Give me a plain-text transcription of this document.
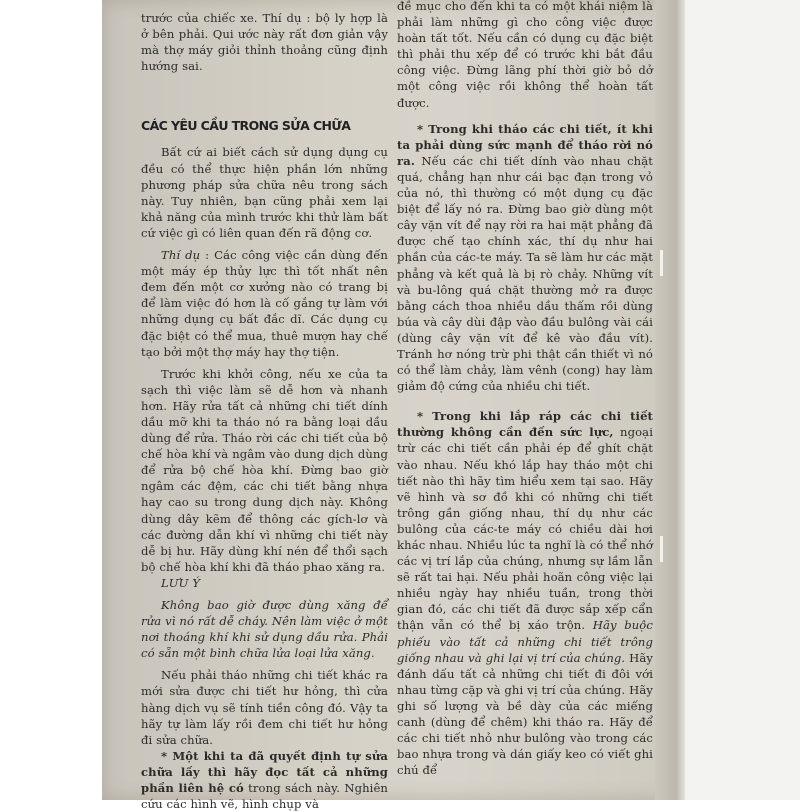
trước của chiếc xe. Thí dụ : bộ ly hợp là ở bên phải. Qui ước này rất đơn giản vậy mà thợ máy giỏi thỉnh thoảng cũng định hướng sai.

CÁC YÊU CẦU TRONG SỬA CHỮA

Bất cứ ai biết cách sử dụng dụng cụ đều có thể thực hiện phần lớn những phương pháp sửa chữa nêu trong sách này. Tuy nhiên, bạn cũng phải xem lại khả năng của mình trước khi thử làm bất cứ việc gì có liên quan đến rã động cơ.

Thí dụ : Các công việc cần dùng đến một máy ép thủy lực thì tốt nhất nên đem đến một cơ xưởng nào có trang bị để làm việc đó hơn là cố gắng tự làm với những dụng cụ bất đắc dĩ. Các dụng cụ đặc biệt có thể mua, thuê mượn hay chế tạo bởi một thợ máy hay thợ tiện.

Trước khi khởi công, nếu xe của ta sạch thì việc làm sẽ dễ hơn và nhanh hơn. Hãy rửa tất cả những chi tiết dính dầu mỡ khi ta tháo nó ra bằng loại dầu dùng để rửa. Tháo rời các chi tiết của bộ chế hòa khí và ngâm vào dung dịch dùng để rửa bộ chế hòa khí. Đừng bao giờ ngâm các đệm, các chi tiết bằng nhựa hay cao su trong dung dịch này. Không dùng dây kẽm để thông các gích-lơ và các đường dẫn khí vì những chi tiết này dễ bị hư. Hãy dùng khí nén để thổi sạch bộ chế hòa khí khi đã tháo phao xăng ra.

LƯU Ý

Không bao giờ được dùng xăng để rửa vì nó rất dễ cháy. Nên làm việc ở một nơi thoáng khí khi sử dụng dầu rửa. Phải có sẵn một bình chữa lửa loại lửa xăng.

Nếu phải tháo những chi tiết khác ra mới sửa được chi tiết hư hỏng, thì cửa hàng dịch vụ sẽ tính tiền công đó. Vậy ta hãy tự làm lấy rồi đem chi tiết hư hỏng đi sửa chữa.

* Một khi ta đã quyết định tự sửa chữa lấy thì hãy đọc tất cả những phần liên hệ có trong sách này. Nghiên cứu các hình vẽ, hình chụp và

đề mục cho đến khi ta có một khái niệm là phải làm những gì cho công việc được hoàn tất tốt. Nếu cần có dụng cụ đặc biệt thì phải thu xếp để có trước khi bắt đầu công việc. Đừng lãng phí thời giờ bỏ dở một công việc rồi không thể hoàn tất được.

* Trong khi tháo các chi tiết, ít khi ta phải dùng sức mạnh để tháo rời nó ra. Nếu các chi tiết dính vào nhau chặt quá, chẳng hạn như cái bạc đạn trong vỏ của nó, thì thường có một dụng cụ đặc biệt để lấy nó ra. Đừng bao giờ dùng một cây vặn vít để nạy rời ra hai mặt phẳng đã được chế tạo chính xác, thí dụ như hai phần của các-te máy. Ta sẽ làm hư các mặt phẳng và kết quả là bị rò chảy. Những vít và bu-lông quá chặt thường mở ra được bằng cách thoa nhiều dầu thấm rồi dùng búa và cây dùi đập vào đầu bulông vài cái (dùng cây vặn vít để kê vào đầu vít). Tránh hơ nóng trừ phi thật cần thiết vì nó có thể làm chảy, làm vênh (cong) hay làm giảm độ cứng của nhiều chi tiết.

* Trong khi lắp ráp các chi tiết thường không cần đến sức lực, ngoại trừ các chi tiết cần phải ép để ghít chặt vào nhau. Nếu khó lắp hay tháo một chi tiết nào thì hãy tìm hiểu xem tại sao. Hãy vẽ hình và sơ đồ khi có những chi tiết trông gần giống nhau, thí dụ như các bulông của các-te máy có chiều dài hơi khác nhau. Nhiều lúc ta nghĩ là có thể nhớ các vị trí lắp của chúng, nhưng sự lầm lẫn sẽ rất tai hại. Nếu phải hoãn công việc lại nhiều ngày hay nhiều tuần, trong thời gian đó, các chi tiết đã được sắp xếp cẩn thận vẫn có thể bị xáo trộn. Hãy buộc phiếu vào tất cả những chi tiết trông giống nhau và ghi lại vị trí của chúng. Hãy đánh dấu tất cả những chi tiết đi đôi với nhau từng cặp và ghi vị trí của chúng. Hãy ghi số lượng và bề dày của các miếng canh (dùng để chêm) khi tháo ra. Hãy để các chi tiết nhỏ như bulông vào trong các bao nhựa trong và dán giấy keo có viết ghi chú để
